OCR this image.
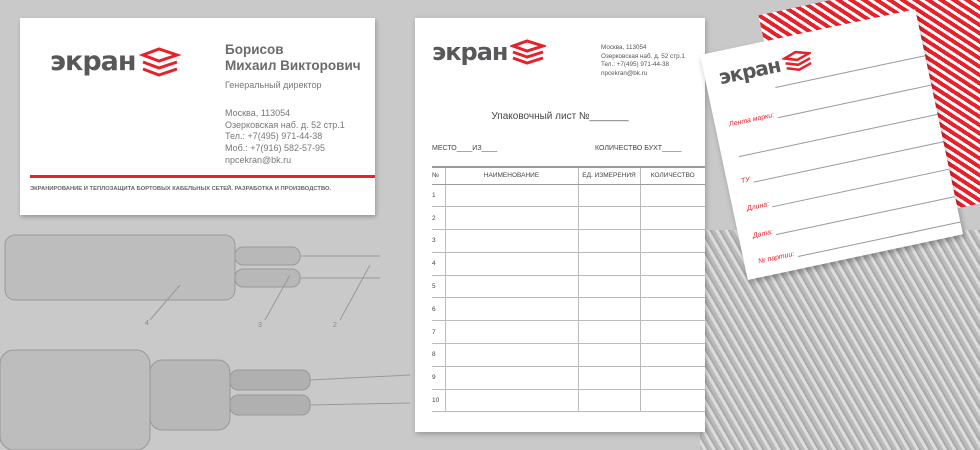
4	3	2
экран	Борисов
Михаил Викторович
Генеральный директор
Москва, 113054
Озерковская наб. д. 52 стр.1
Тел.: +7(495) 971-44-38
Моб.: +7(916) 582-57-95
npcekran@bk.ru
ЭКРАНИРОВАНИЕ И ТЕПЛОЗАЩИТА БОРТОВЫХ КАБЕЛЬНЫХ СЕТЕЙ. РАЗРАБОТКА И ПРОИЗВОДСТВО.
экран	Москва, 113054
Озерковская наб. д. 52 стр.1
Тел.: +7(495) 971-44-38
npcekran@bk.ru
Упаковочный лист №_______
МЕСТО____ИЗ____	КОЛИЧЕСТВО БУХТ_____
№	НАИМЕНОВАНИЕ	ЕД. ИЗМЕРЕНИЯ	КОЛИЧЕСТВО
1			
2			
3			
4			
5			
6			
7			
8			
9			
10			
экран
Лента марки:
ТУ
Длина:
Дата:
№ партии:
